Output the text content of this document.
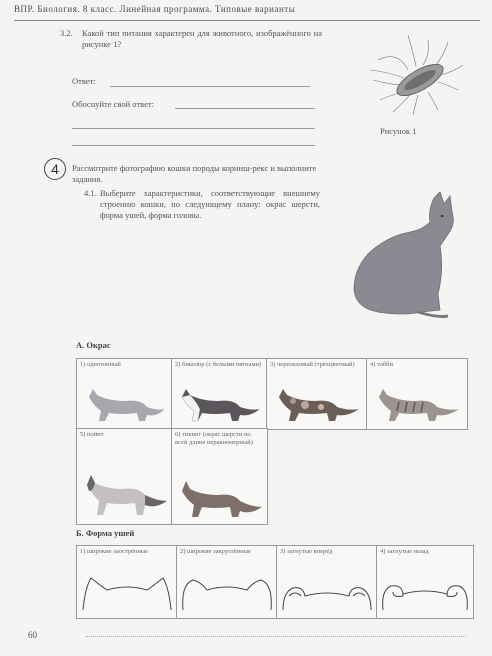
ВПР. Биология. 8 класс. Линейная программа. Типовые варианты
3.2. Какой тип питания характерен для животного, изображённого на рисунке 1?
Ответ:
Обоснуйте свой ответ:
Рисунок 1
4	Рассмотрите фотографию кошки породы корниш-рекс и выполните задания.
4.1. Выберите характеристики, соответствующие внешнему строению кошки, по следующему плану: окрас шерсти, форма ушей, форма головы.
А. Окрас
1) однотонный	2) биколор (с белыми пятнами) 3) черепаховый (трёхцветный)	4) табби
5) пойнт	6) тикинг (окрас шерсти по всей длине неравномерный)
Б. Форма ушей
1) широкие заострённые	2) широкие закруглённые	3) загнутые вперёд	4) загнутые назад
60
